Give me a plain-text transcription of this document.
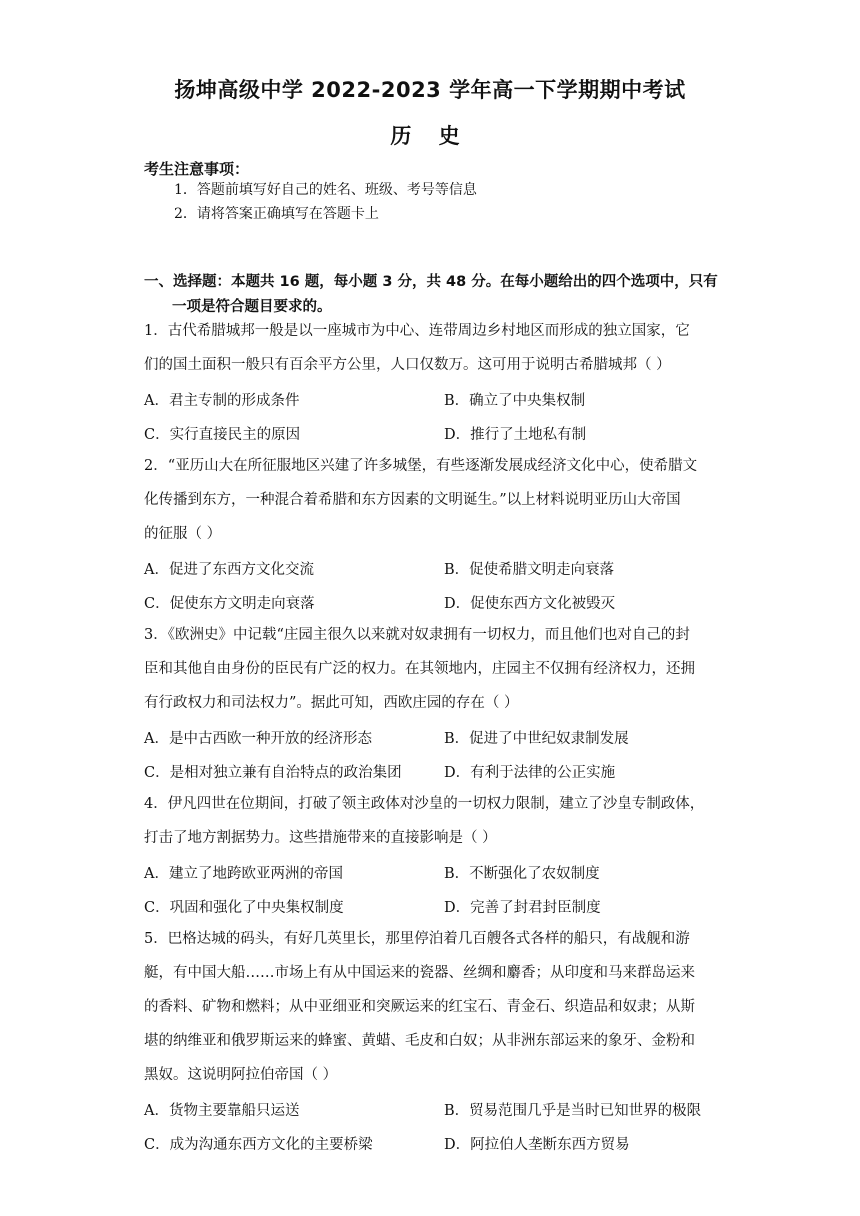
扬坤高级中学 2022-2023 学年高一下学期期中考试
历 史
考生注意事项：
1．答题前填写好自己的姓名、班级、考号等信息
2．请将答案正确填写在答题卡上
一、选择题：本题共 16 题，每小题 3 分，共 48 分。在每小题给出的四个选项中，只有
一项是符合题目要求的。
1．古代希腊城邦一般是以一座城市为中心、连带周边乡村地区而形成的独立国家，它
们的国土面积一般只有百余平方公里，人口仅数万。这可用于说明古希腊城邦（ ）
A．君主专制的形成条件	B．确立了中央集权制
C．实行直接民主的原因	D．推行了土地私有制
2．“亚历山大在所征服地区兴建了许多城堡，有些逐渐发展成经济文化中心，使希腊文
化传播到东方，一种混合着希腊和东方因素的文明诞生。”以上材料说明亚历山大帝国
的征服（ ）
A．促进了东西方文化交流	B．促使希腊文明走向衰落
C．促使东方文明走向衰落	D．促使东西方文化被毁灭
3．《欧洲史》中记载“庄园主很久以来就对奴隶拥有一切权力，而且他们也对自己的封
臣和其他自由身份的臣民有广泛的权力。在其领地内，庄园主不仅拥有经济权力，还拥
有行政权力和司法权力”。据此可知，西欧庄园的存在（ ）
A．是中古西欧一种开放的经济形态	B．促进了中世纪奴隶制发展
C．是相对独立兼有自治特点的政治集团	D．有利于法律的公正实施
4．伊凡四世在位期间，打破了领主政体对沙皇的一切权力限制，建立了沙皇专制政体，
打击了地方割据势力。这些措施带来的直接影响是（ ）
A．建立了地跨欧亚两洲的帝国	B．不断强化了农奴制度
C．巩固和强化了中央集权制度	D．完善了封君封臣制度
5．巴格达城的码头，有好几英里长，那里停泊着几百艘各式各样的船只，有战舰和游
艇，有中国大船……市场上有从中国运来的瓷器、丝绸和麝香；从印度和马来群岛运来
的香料、矿物和燃料；从中亚细亚和突厥运来的红宝石、青金石、织造品和奴隶；从斯
堪的纳维亚和俄罗斯运来的蜂蜜、黄蜡、毛皮和白奴；从非洲东部运来的象牙、金粉和
黑奴。这说明阿拉伯帝国（ ）
A．货物主要靠船只运送	B．贸易范围几乎是当时已知世界的极限
C．成为沟通东西方文化的主要桥梁	D．阿拉伯人垄断东西方贸易
